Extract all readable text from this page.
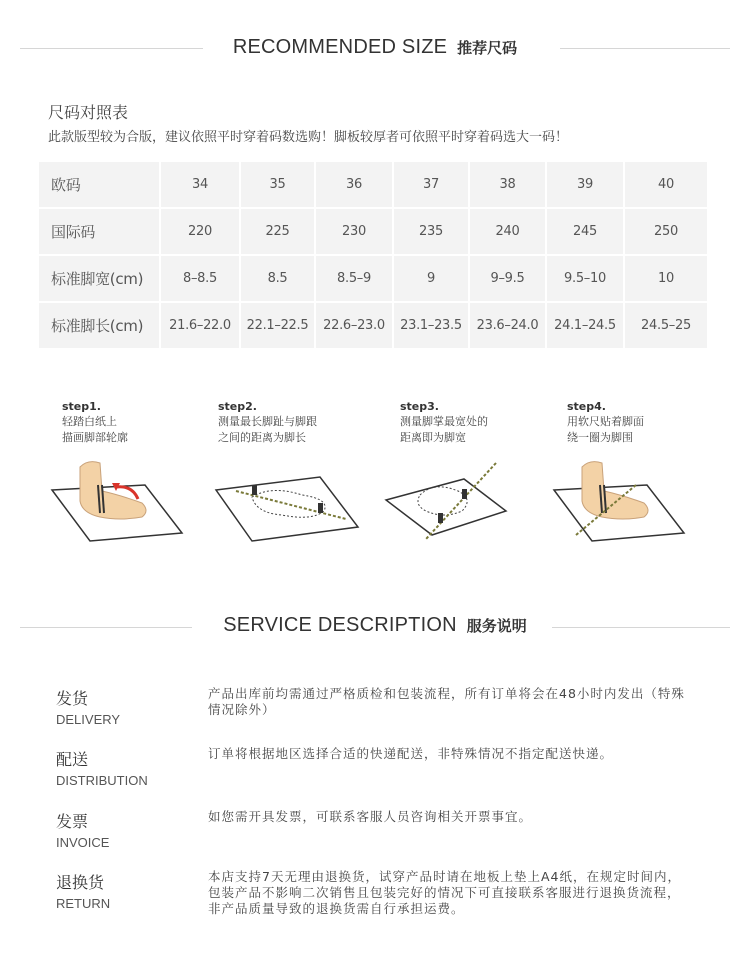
RECOMMENDED SIZE 推荐尺码
尺码对照表
此款版型较为合版，建议依照平时穿着码数选购！脚板较厚者可依照平时穿着码选大一码！
欧码	34	35	36	37	38	39	40
国际码	220	225	230	235	240	245	250
标准脚宽(cm)	8–8.5	8.5	8.5–9	9	9–9.5	9.5–10	10
标准脚长(cm)	21.6–22.0	22.1–22.5	22.6–23.0	23.1–23.5	23.6–24.0	24.1–24.5	24.5–25
step1.
轻踏白纸上
描画脚部轮廓
step2.
测量最长脚趾与脚跟
之间的距离为脚长
step3.
测量脚掌最宽处的
距离即为脚宽
step4.
用软尺贴着脚面
绕一圈为脚围
SERVICE DESCRIPTION 服务说明
发货
DELIVERY
产品出库前均需通过严格质检和包装流程，所有订单将会在48小时内发出（特殊情况除外）
配送
DISTRIBUTION
订单将根据地区选择合适的快递配送，非特殊情况不指定配送快递。
发票
INVOICE
如您需开具发票，可联系客服人员咨询相关开票事宜。
退换货
RETURN
本店支持7天无理由退换货，试穿产品时请在地板上垫上A4纸，在规定时间内，包装产品不影响二次销售且包装完好的情况下可直接联系客服进行退换货流程，非产品质量导致的退换货需自行承担运费。
